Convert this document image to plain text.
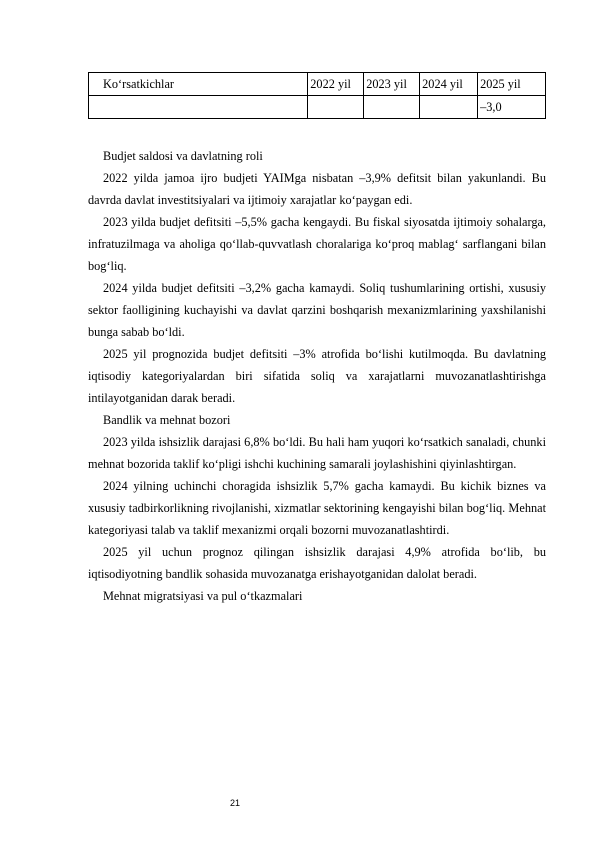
Ko‘rsatkichlar	2022 yil	2023 yil	2024 yil	2025 yil
				–3,0

Budjet saldosi va davlatning roli

2022 yilda jamoa ijro budjeti YAIMga nisbatan –3,9% defitsit bilan yakunlandi. Bu davrda davlat investitsiyalari va ijtimoiy xarajatlar ko‘paygan edi.

2023 yilda budjet defitsiti –5,5% gacha kengaydi. Bu fiskal siyosatda ijtimoiy sohalarga, infratuzilmaga va aholiga qo‘llab-quvvatlash choralariga ko‘proq mablag‘ sarflangani bilan bog‘liq.

2024 yilda budjet defitsiti –3,2% gacha kamaydi. Soliq tushumlarining ortishi, xususiy sektor faolligining kuchayishi va davlat qarzini boshqarish mexanizmlarining yaxshilanishi bunga sabab bo‘ldi.

2025 yil prognozida budjet defitsiti –3% atrofida bo‘lishi kutilmoqda. Bu davlatning iqtisodiy kategoriyalardan biri sifatida soliq va xarajatlarni muvozanatlashtirishga intilayotganidan darak beradi.

Bandlik va mehnat bozori

2023 yilda ishsizlik darajasi 6,8% bo‘ldi. Bu hali ham yuqori ko‘rsatkich sanaladi, chunki mehnat bozorida taklif ko‘pligi ishchi kuchining samarali joylashishini qiyinlashtirgan.

2024 yilning uchinchi choragida ishsizlik 5,7% gacha kamaydi. Bu kichik biznes va xususiy tadbirkorlikning rivojlanishi, xizmatlar sektorining kengayishi bilan bog‘liq. Mehnat kategoriyasi talab va taklif mexanizmi orqali bozorni muvozanatlashtirdi.

2025 yil uchun prognoz qilingan ishsizlik darajasi 4,9% atrofida bo‘lib, bu iqtisodiyotning bandlik sohasida muvozanatga erishayotganidan dalolat beradi.

Mehnat migratsiyasi va pul o‘tkazmalari

21
